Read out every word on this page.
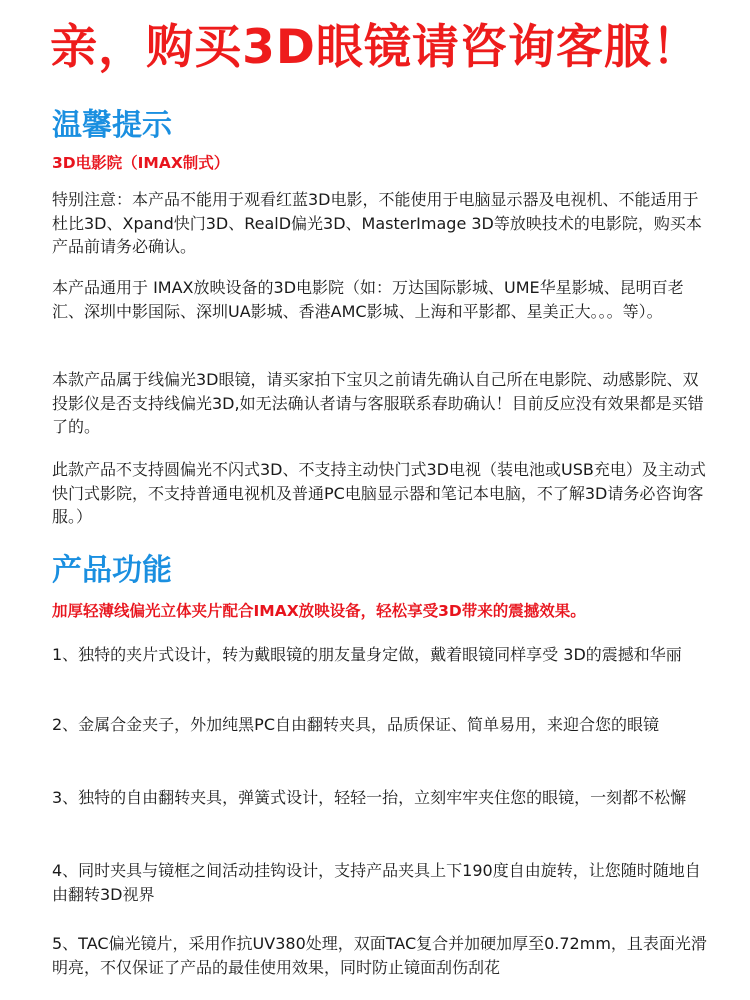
亲，购买3D眼镜请咨询客服！
温馨提示
3D电影院（IMAX制式）

特别注意：本产品不能用于观看红蓝3D电影，不能使用于电脑显示器及电视机、不能适用于杜比3D、Xpand快门3D、RealD偏光3D、MasterImage 3D等放映技术的电影院，购买本产品前请务必确认。

本产品通用于 IMAX放映设备的3D电影院（如：万达国际影城、UME华星影城、昆明百老汇、深圳中影国际、深圳UA影城、香港AMC影城、上海和平影都、星美正大。。。等）。

本款产品属于线偏光3D眼镜，请买家拍下宝贝之前请先确认自己所在电影院、动感影院、双投影仪是否支持线偏光3D,如无法确认者请与客服联系春助确认！目前反应没有效果都是买错了的。

此款产品不支持圆偏光不闪式3D、不支持主动快门式3D电视（装电池或USB充电）及主动式快门式影院，不支持普通电视机及普通PC电脑显示器和笔记本电脑，不了解3D请务必咨询客服。）

产品功能
加厚轻薄线偏光立体夹片配合IMAX放映设备，轻松享受3D带来的震撼效果。

1、独特的夹片式设计，转为戴眼镜的朋友量身定做，戴着眼镜同样享受 3D的震撼和华丽

2、金属合金夹子，外加纯黑PC自由翻转夹具，品质保证、简单易用，来迎合您的眼镜

3、独特的自由翻转夹具，弹簧式设计，轻轻一抬，立刻牢牢夹住您的眼镜，一刻都不松懈

4、同时夹具与镜框之间活动挂钩设计，支持产品夹具上下190度自由旋转，让您随时随地自由翻转3D视界

5、TAC偏光镜片，采用作抗UV380处理，双面TAC复合并加硬加厚至0.72mm，且表面光滑明亮，不仅保证了产品的最佳使用效果，同时防止镜面刮伤刮花
